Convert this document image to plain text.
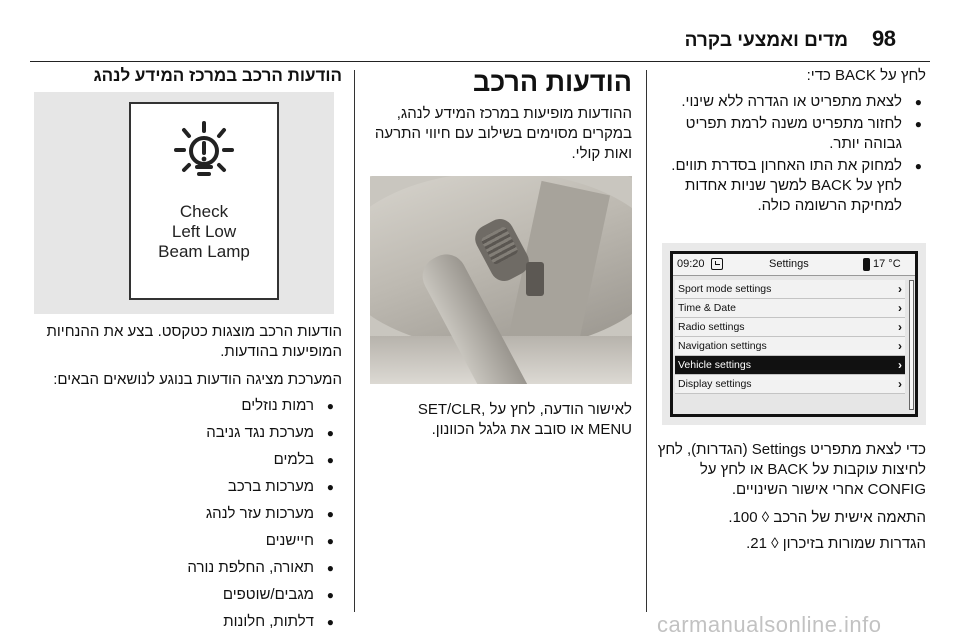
98
מדים ואמצעי בקרה

לחץ על BACK כדי:

● לצאת מתפריט או הגדרה ללא שינוי.
● לחזור מתפריט משנה לרמת תפריט גבוהה יותר.
● למחוק את התו האחרון בסדרת תווים. לחץ על BACK למשך שניות אחדות למחיקת הרשומה כולה.
09:20	Settings	17 °C
Sport mode settings	›
Time & Date	›
Radio settings	›
Navigation settings	›
Vehicle settings	›
Display settings	›

כדי לצאת מתפריט Settings (הגדרות), לחץ לחיצות עוקבות על BACK או לחץ על CONFIG אחרי אישור השינויים.

התאמה אישית של הרכב ◊ 100.

הגדרות שמורות בזיכרון ◊ 21.

הודעות הרכב

ההודעות מופיעות במרכז המידע לנהג, במקרים מסוימים בשילוב עם חיווי התרעה ואות קולי.

לאישור הודעה, לחץ על SET/CLR, MENU או סובב את גלגל הכוונון.

הודעות הרכב במרכז המידע לנהג
Check
Left Low
Beam Lamp

הודעות הרכב מוצגות כטקסט. בצע את ההנחיות המופיעות בהודעות.

המערכת מציגה הודעות בנוגע לנושאים הבאים:

● רמות נוזלים
● מערכת נגד גניבה
● בלמים
● מערכות ברכב
● מערכות עזר לנהג
● חיישנים
● תאורה, החלפת נורה
● מגבים/שוטפים
● דלתות, חלונות	carmanualsonline.info
